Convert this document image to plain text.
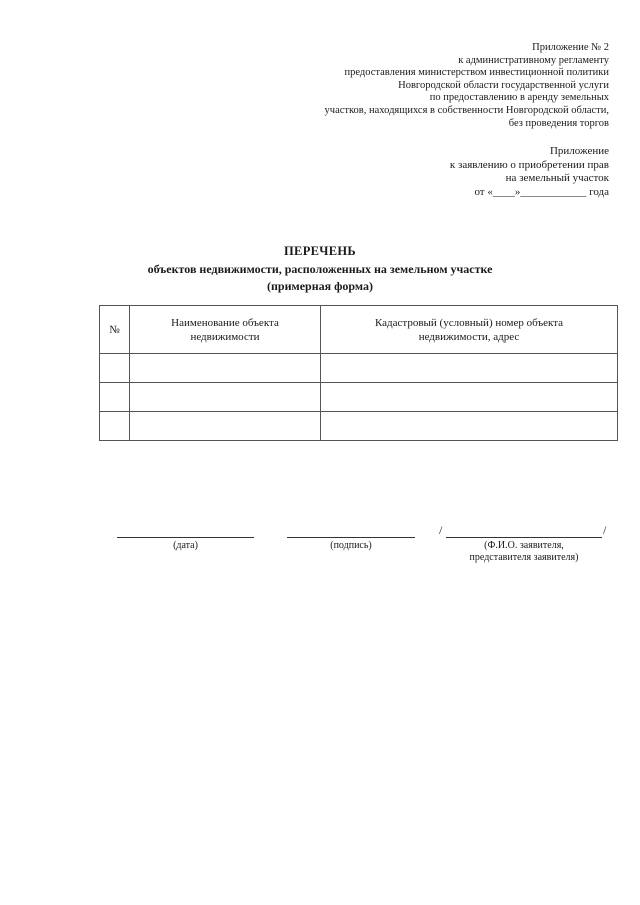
Приложение № 2
к административному регламенту
предоставления министерством инвестиционной политики
Новгородской области государственной услуги
по предоставлению в аренду земельных
участков, находящихся в собственности Новгородской области,
без проведения торгов
Приложение
к заявлению о приобретении прав
на земельный участок
от «____»____________ года
ПЕРЕЧЕНЬ
объектов недвижимости, расположенных на земельном участке
(примерная форма)
№	Наименование объекта недвижимости	Кадастровый (условный) номер объекта недвижимости, адрес

(дата)	(подпись)
/	/
(Ф.И.О. заявителя,
представителя заявителя)
